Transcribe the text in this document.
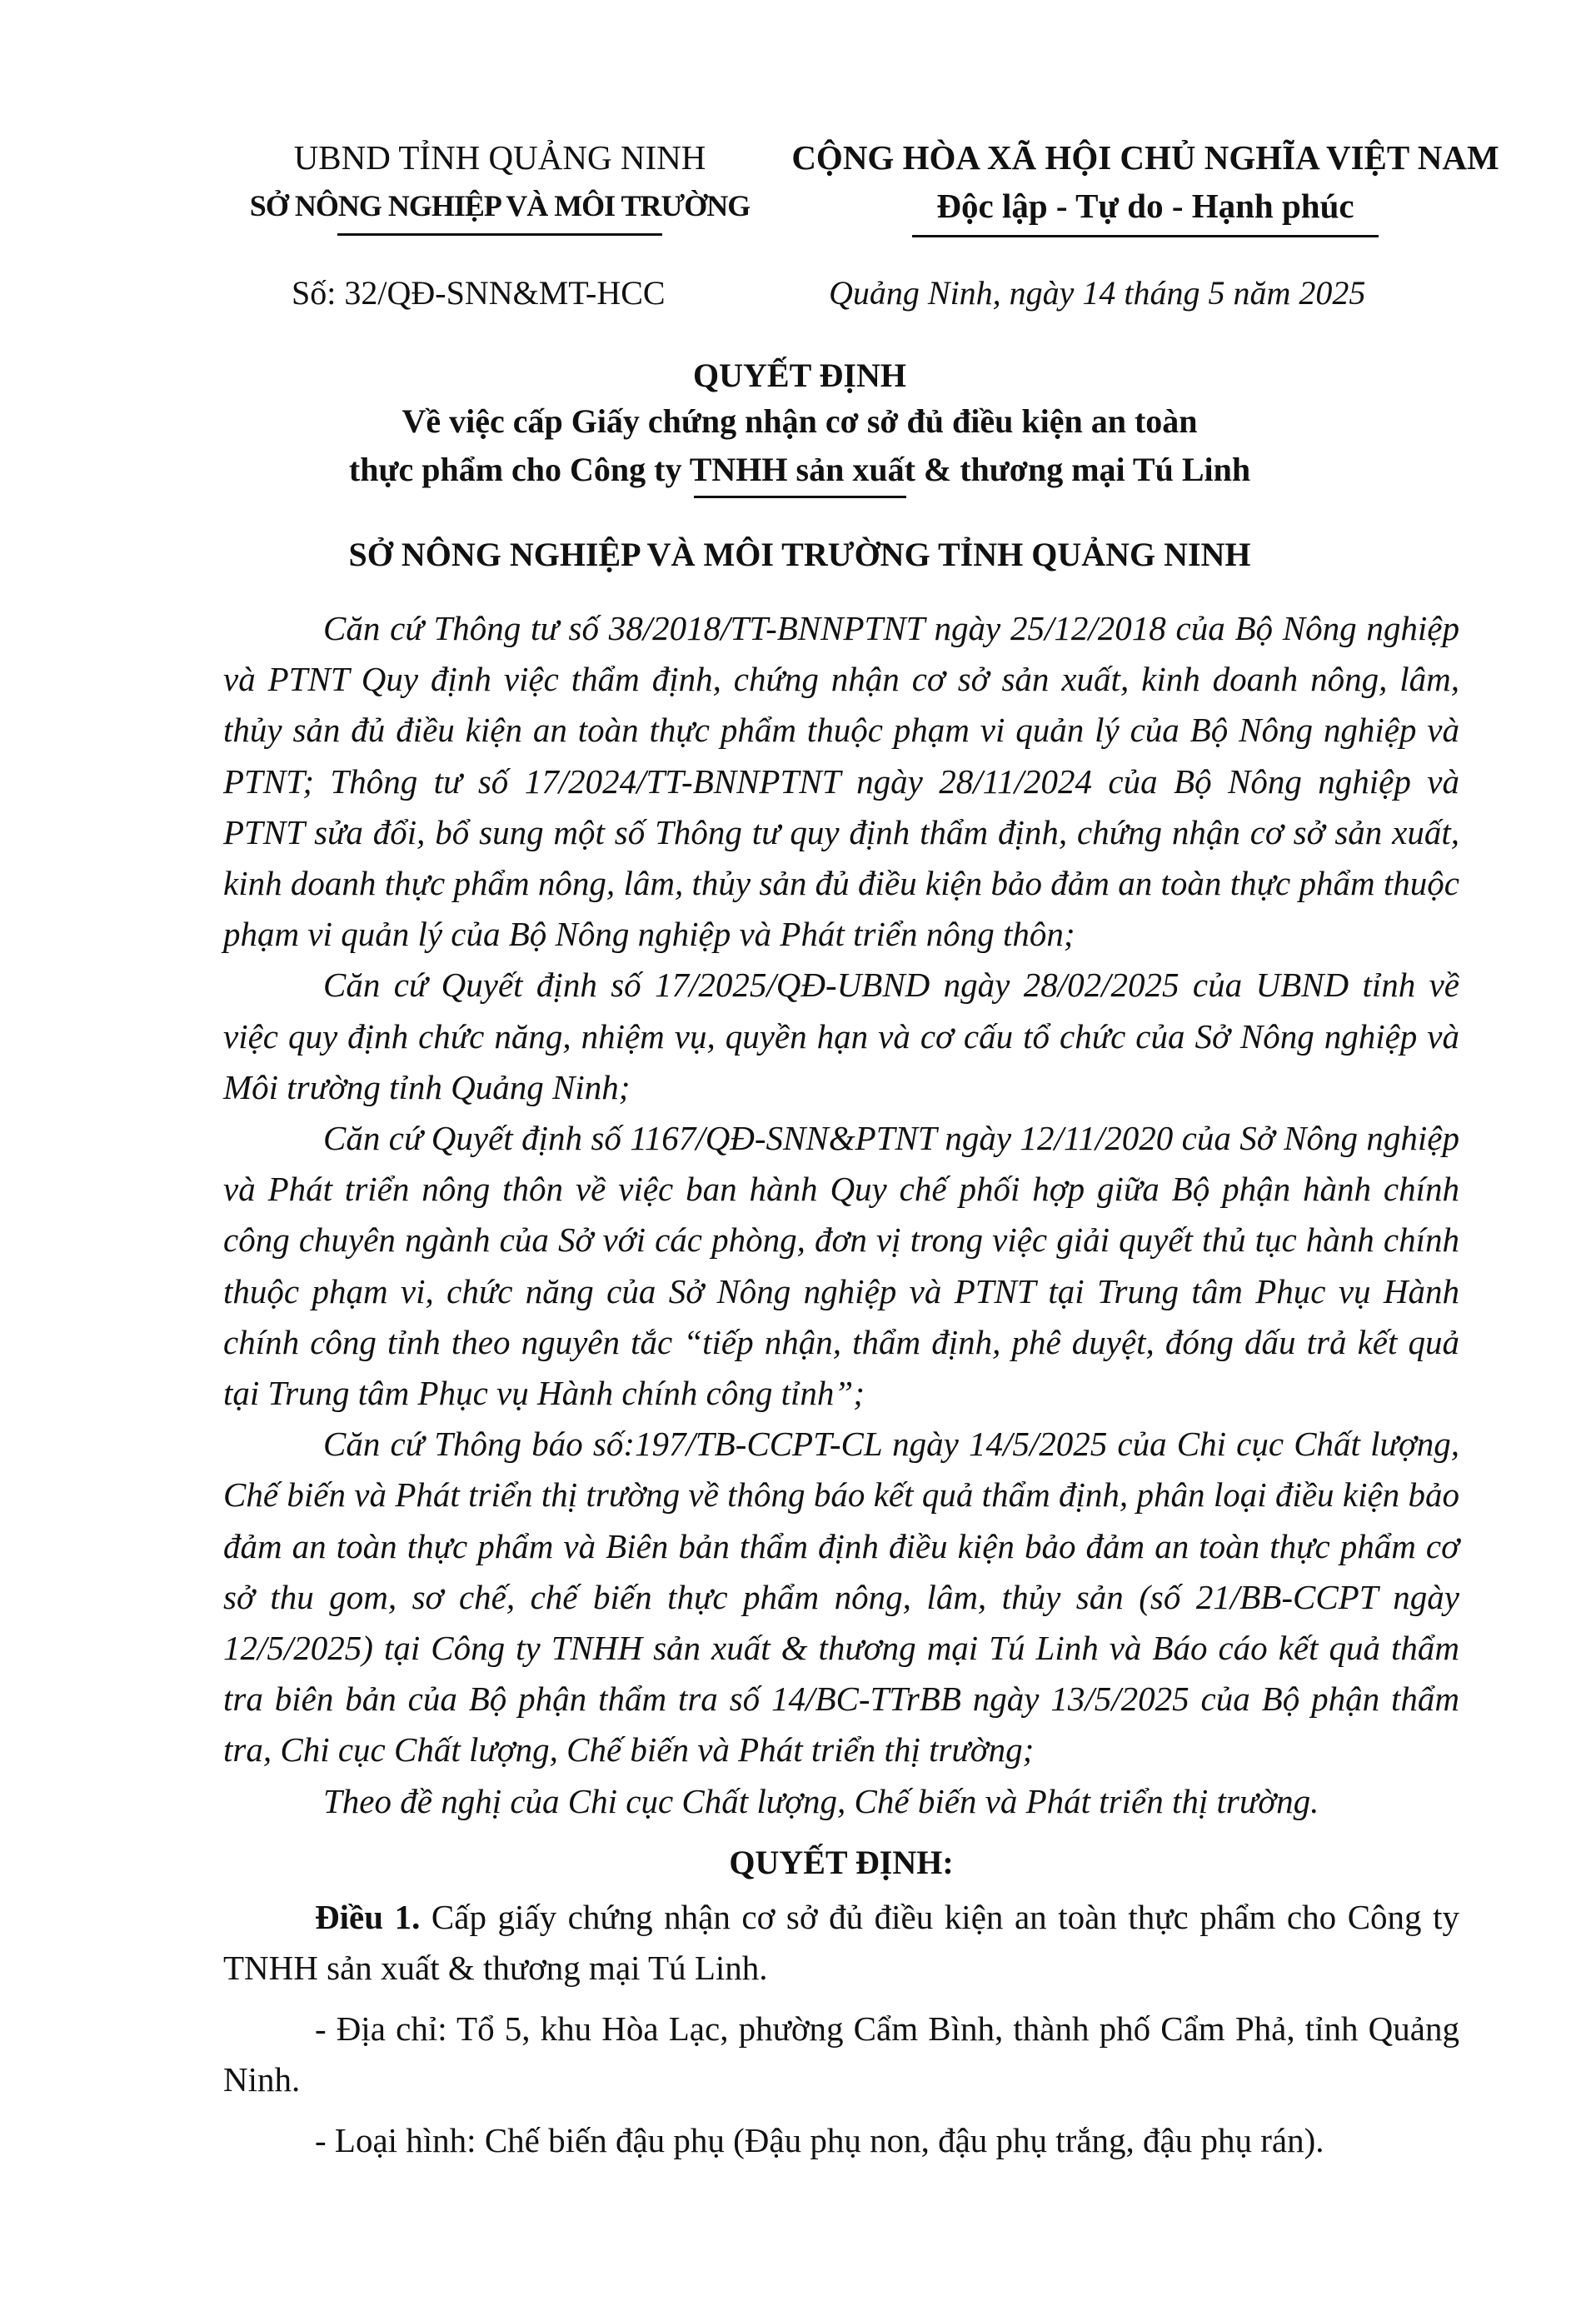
UBND TỈNH QUẢNG NINH
SỞ NÔNG NGHIỆP VÀ MÔI TRƯỜNG
CỘNG HÒA XÃ HỘI CHỦ NGHĨA VIỆT NAM
Độc lập - Tự do - Hạnh phúc
Số: 32/QĐ-SNN&MT-HCC	Quảng Ninh, ngày 14 tháng 5 năm 2025
QUYẾT ĐỊNH
Về việc cấp Giấy chứng nhận cơ sở đủ điều kiện an toàn
thực phẩm cho Công ty TNHH sản xuất & thương mại Tú Linh
SỞ NÔNG NGHIỆP VÀ MÔI TRƯỜNG TỈNH QUẢNG NINH

Căn cứ Thông tư số 38/2018/TT-BNNPTNT ngày 25/12/2018 của Bộ Nông nghiệp và PTNT Quy định việc thẩm định, chứng nhận cơ sở sản xuất, kinh doanh nông, lâm, thủy sản đủ điều kiện an toàn thực phẩm thuộc phạm vi quản lý của Bộ Nông nghiệp và PTNT; Thông tư số 17/2024/TT-BNNPTNT ngày 28/11/2024 của Bộ Nông nghiệp và PTNT sửa đổi, bổ sung một số Thông tư quy định thẩm định, chứng nhận cơ sở sản xuất, kinh doanh thực phẩm nông, lâm, thủy sản đủ điều kiện bảo đảm an toàn thực phẩm thuộc phạm vi quản lý của Bộ Nông nghiệp và Phát triển nông thôn;

Căn cứ Quyết định số 17/2025/QĐ-UBND ngày 28/02/2025 của UBND tỉnh về việc quy định chức năng, nhiệm vụ, quyền hạn và cơ cấu tổ chức của Sở Nông nghiệp và Môi trường tỉnh Quảng Ninh;

Căn cứ Quyết định số 1167/QĐ-SNN&PTNT ngày 12/11/2020 của Sở Nông nghiệp và Phát triển nông thôn về việc ban hành Quy chế phối hợp giữa Bộ phận hành chính công chuyên ngành của Sở với các phòng, đơn vị trong việc giải quyết thủ tục hành chính thuộc phạm vi, chức năng của Sở Nông nghiệp và PTNT tại Trung tâm Phục vụ Hành chính công tỉnh theo nguyên tắc “tiếp nhận, thẩm định, phê duyệt, đóng dấu trả kết quả tại Trung tâm Phục vụ Hành chính công tỉnh”;

Căn cứ Thông báo số:197/TB-CCPT-CL ngày 14/5/2025 của Chi cục Chất lượng, Chế biến và Phát triển thị trường về thông báo kết quả thẩm định, phân loại điều kiện bảo đảm an toàn thực phẩm và Biên bản thẩm định điều kiện bảo đảm an toàn thực phẩm cơ sở thu gom, sơ chế, chế biến thực phẩm nông, lâm, thủy sản (số 21/BB-CCPT ngày 12/5/2025) tại Công ty TNHH sản xuất & thương mại Tú Linh và Báo cáo kết quả thẩm tra biên bản của Bộ phận thẩm tra số 14/BC-TTrBB ngày 13/5/2025 của Bộ phận thẩm tra, Chi cục Chất lượng, Chế biến và Phát triển thị trường;

Theo đề nghị của Chi cục Chất lượng, Chế biến và Phát triển thị trường.

QUYẾT ĐỊNH:

Điều 1. Cấp giấy chứng nhận cơ sở đủ điều kiện an toàn thực phẩm cho Công ty TNHH sản xuất & thương mại Tú Linh.

- Địa chỉ: Tổ 5, khu Hòa Lạc, phường Cẩm Bình, thành phố Cẩm Phả, tỉnh Quảng Ninh.

- Loại hình: Chế biến đậu phụ (Đậu phụ non, đậu phụ trắng, đậu phụ rán).
